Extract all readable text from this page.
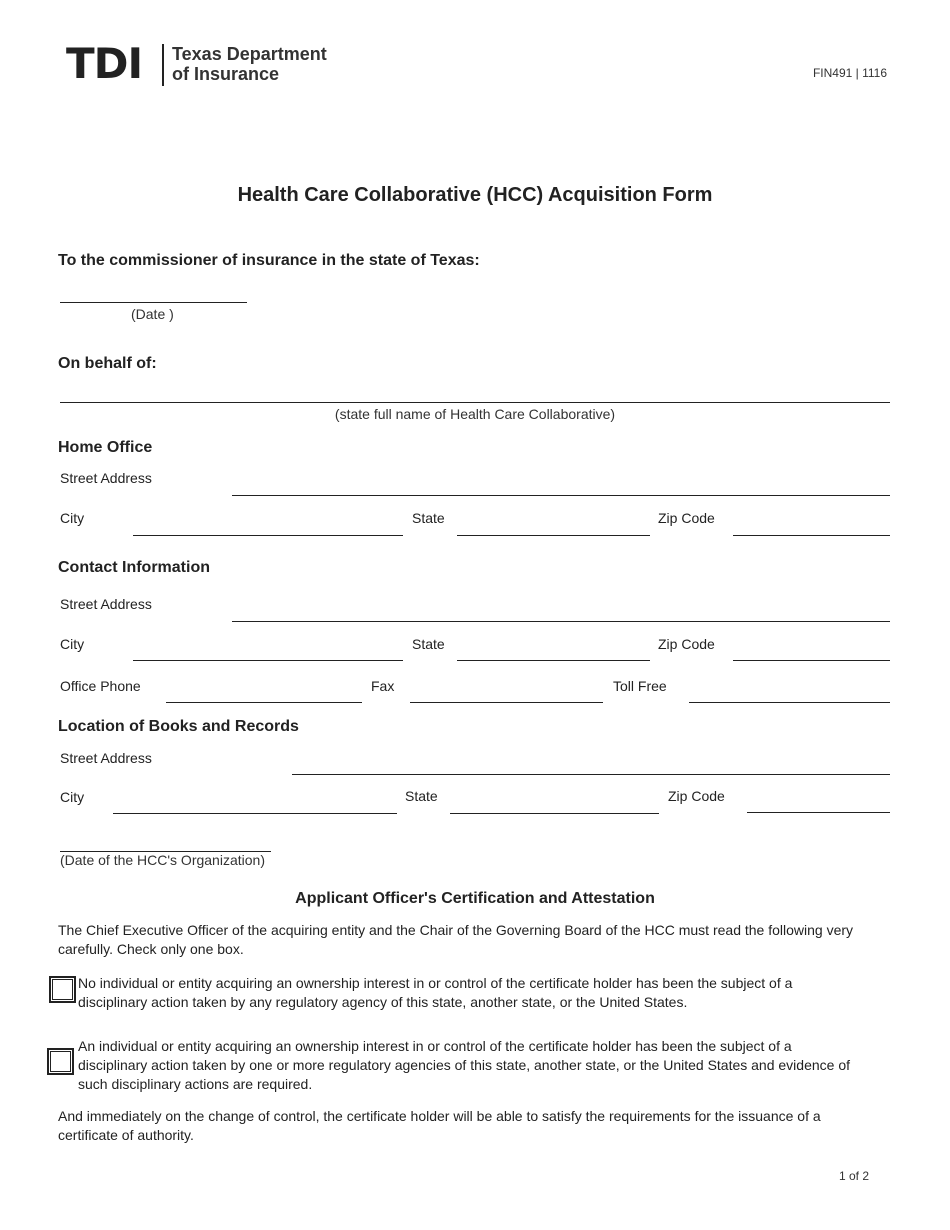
TDI Texas Department
of Insurance	FIN491 | 1116
Health Care Collaborative (HCC) Acquisition Form
To the commissioner of insurance in the state of Texas:
(Date )
On behalf of:
(state full name of Health Care Collaborative)
Home Office
Street Address
City	State	Zip Code
Contact Information
Street Address
City	State	Zip Code
Office Phone	Fax	Toll Free
Location of Books and Records
Street Address
City	State	Zip Code
(Date of the HCC's Organization)
Applicant Officer's Certification and Attestation
The Chief Executive Officer of the acquiring entity and the Chair of the Governing Board of the HCC must read the following very
carefully. Check only one box.
No individual or entity acquiring an ownership interest in or control of the certificate holder has been the subject of a
disciplinary action taken by any regulatory agency of this state, another state, or the United States.
An individual or entity acquiring an ownership interest in or control of the certificate holder has been the subject of a
disciplinary action taken by one or more regulatory agencies of this state, another state, or the United States and evidence of
such disciplinary actions are required.
And immediately on the change of control, the certificate holder will be able to satisfy the requirements for the issuance of a
certificate of authority.
1 of 2
